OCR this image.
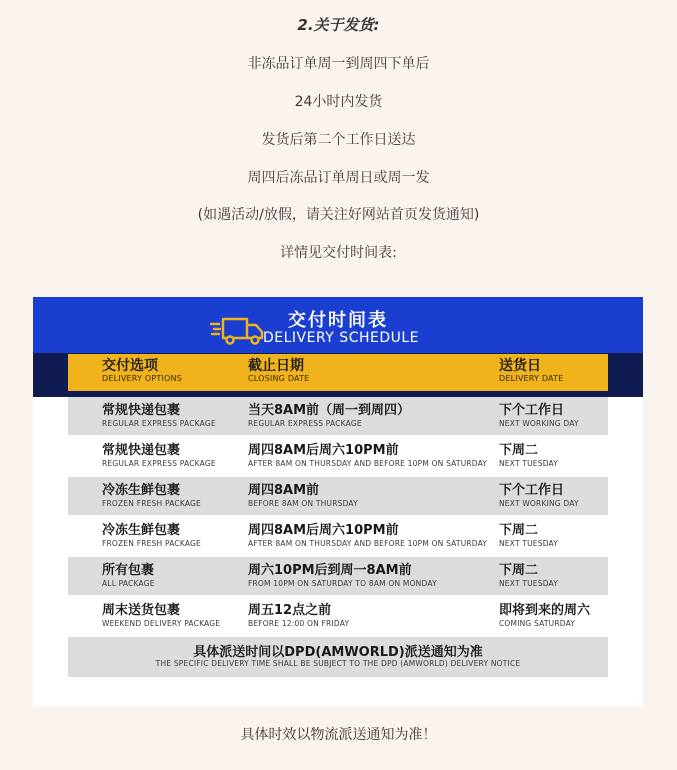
2.关于发货:
非冻品订单周一到周四下单后
24小时内发货
发货后第二个工作日送达
周四后冻品订单周日或周一发
(如遇活动/放假，请关注好网站首页发货通知)
详情见交付时间表:
交付时间表
DELIVERY SCHEDULE
交付选项
DELIVERY OPTIONS
截止日期
CLOSING DATE
送货日
DELIVERY DATE
常规快递包裹
REGULAR EXPRESS PACKAGE
当天8AM前（周一到周四）
REGULAR EXPRESS PACKAGE
下个工作日
NEXT WORKING DAY
常规快递包裹
REGULAR EXPRESS PACKAGE
周四8AM后周六10PM前
AFTER 8AM ON THURSDAY AND BEFORE 10PM ON SATURDAY
下周二
NEXT TUESDAY
冷冻生鲜包裹
FROZEN FRESH PACKAGE
周四8AM前
BEFORE 8AM ON THURSDAY
下个工作日
NEXT WORKING DAY
冷冻生鲜包裹
FROZEN FRESH PACKAGE
周四8AM后周六10PM前
AFTER 8AM ON THURSDAY AND BEFORE 10PM ON SATURDAY
下周二
NEXT TUESDAY
所有包裹
ALL PACKAGE
周六10PM后到周一8AM前
FROM 10PM ON SATURDAY TO 8AM ON MONDAY
下周二
NEXT TUESDAY
周末送货包裹
WEEKEND DELIVERY PACKAGE
周五12点之前
BEFORE 12:00 ON FRIDAY
即将到来的周六
COMING SATURDAY
具体派送时间以DPD(AMWORLD)派送通知为准
THE SPECIFIC DELIVERY TIME SHALL BE SUBJECT TO THE DPD (AMWORLD) DELIVERY NOTICE
具体时效以物流派送通知为准！
